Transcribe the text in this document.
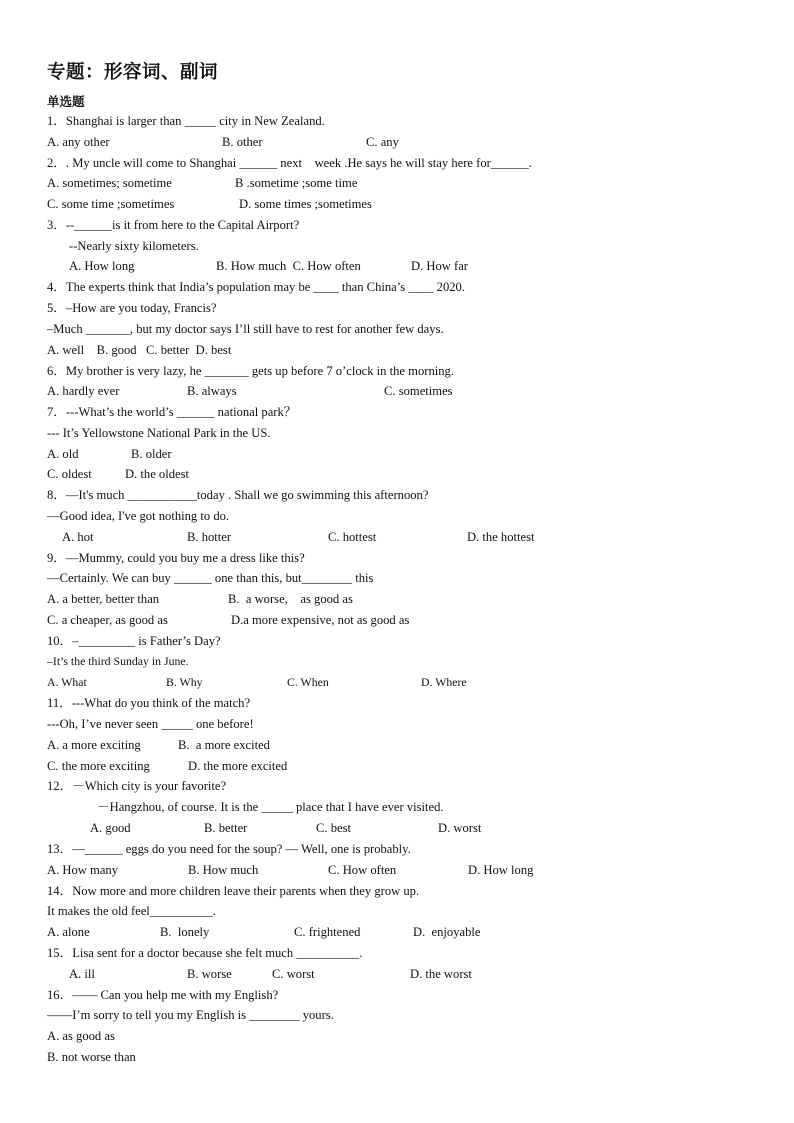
专题：形容词、副词
单选题
1．Shanghai is larger than _____ city in New Zealand.
A. any other	B. other	C. any
2．. My uncle will come to Shanghai ______ next    week .He says he will stay here for______.
A. sometimes; sometime	B .sometime ;some time
C. some time ;sometimes	D. some times ;sometimes
3．--______is it from here to the Capital Airport?
--Nearly sixty kilometers.
A. How long	B. How much  C. How often	D. How far
4．The experts think that India’s population may be ____ than China’s ____ 2020.
5．–How are you today, Francis?
–Much _______, but my doctor says I’ll still have to rest for another few days.
A. well    B. good   C. better  D. best
6．My brother is very lazy, he _______ gets up before 7 o’clock in the morning.
A. hardly ever	B. always	C. sometimes
7．---What’s the world’s ______ national park？
--- It’s Yellowstone National Park in the US.
A. old	B. older
C. oldest	D. the oldest
8．—It's much ___________today . Shall we go swimming this afternoon?
—Good idea, I've got nothing to do.
A. hot	B. hotter	C. hottest	D. the hottest
9．—Mummy, could you buy me a dress like this?
—Certainly. We can buy ______ one than this, but________ this
A. a better, better than	B.  a worse,    as good as
C. a cheaper, as good as	D.a more expensive, not as good as
10．–_________ is Father’s Day?
–It’s the third Sunday in June.
A. What	B. Why	C. When	D. Where
11．---What do you think of the match?
---Oh, I’ve never seen _____ one before!
A. a more exciting	B.  a more excited
C. the more exciting	D. the more excited
12．－Which city is your favorite?
－Hangzhou, of course. It is the _____ place that I have ever visited.
A. good	B. better	C. best	D. worst
13．—______ eggs do you need for the soup? — Well, one is probably.
A. How many	B. How much	C. How often	D. How long
14．Now more and more children leave their parents when they grow up.
It makes the old feel__________.
A. alone	B.  lonely	C. frightened	D.  enjoyable
15．Lisa sent for a doctor because she felt much __________.
A. ill	B. worse	C. worst	D. the worst
16．—— Can you help me with my English?
——I’m sorry to tell you my English is ________ yours.
A. as good as
B. not worse than
